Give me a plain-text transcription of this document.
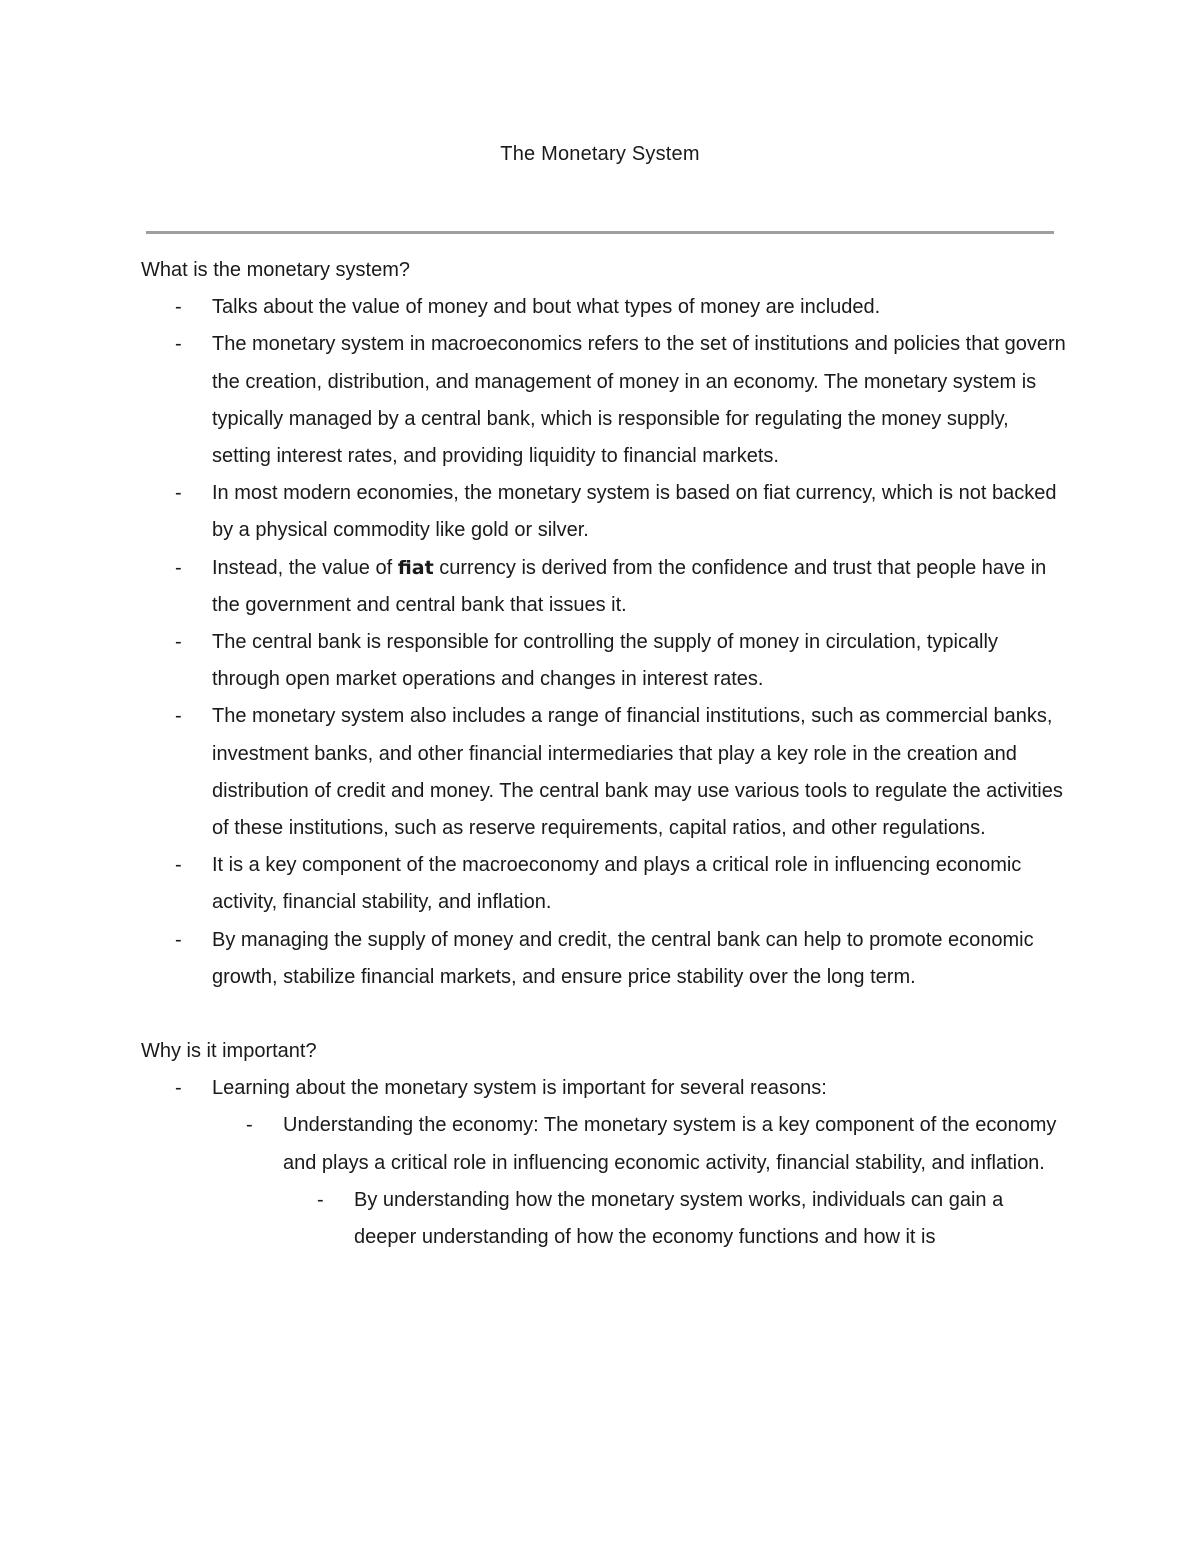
The Monetary System

What is the monetary system?

- Talks about the value of money and bout what types of money are included.
- The monetary system in macroeconomics refers to the set of institutions and policies that govern the creation, distribution, and management of money in an economy. The monetary system is typically managed by a central bank, which is responsible for regulating the money supply, setting interest rates, and providing liquidity to financial markets.
- In most modern economies, the monetary system is based on fiat currency, which is not backed by a physical commodity like gold or silver.
- Instead, the value of fiat currency is derived from the confidence and trust that people have in the government and central bank that issues it.
- The central bank is responsible for controlling the supply of money in circulation, typically through open market operations and changes in interest rates.
- The monetary system also includes a range of financial institutions, such as commercial banks, investment banks, and other financial intermediaries that play a key role in the creation and distribution of credit and money. The central bank may use various tools to regulate the activities of these institutions, such as reserve requirements, capital ratios, and other regulations.
- It is a key component of the macroeconomy and plays a critical role in influencing economic activity, financial stability, and inflation.
- By managing the supply of money and credit, the central bank can help to promote economic growth, stabilize financial markets, and ensure price stability over the long term.

Why is it important?

- Learning about the monetary system is important for several reasons:
- Understanding the economy: The monetary system is a key component of the economy and plays a critical role in influencing economic activity, financial stability, and inflation.
- By understanding how the monetary system works, individuals can gain a deeper understanding of how the economy functions and how it is
